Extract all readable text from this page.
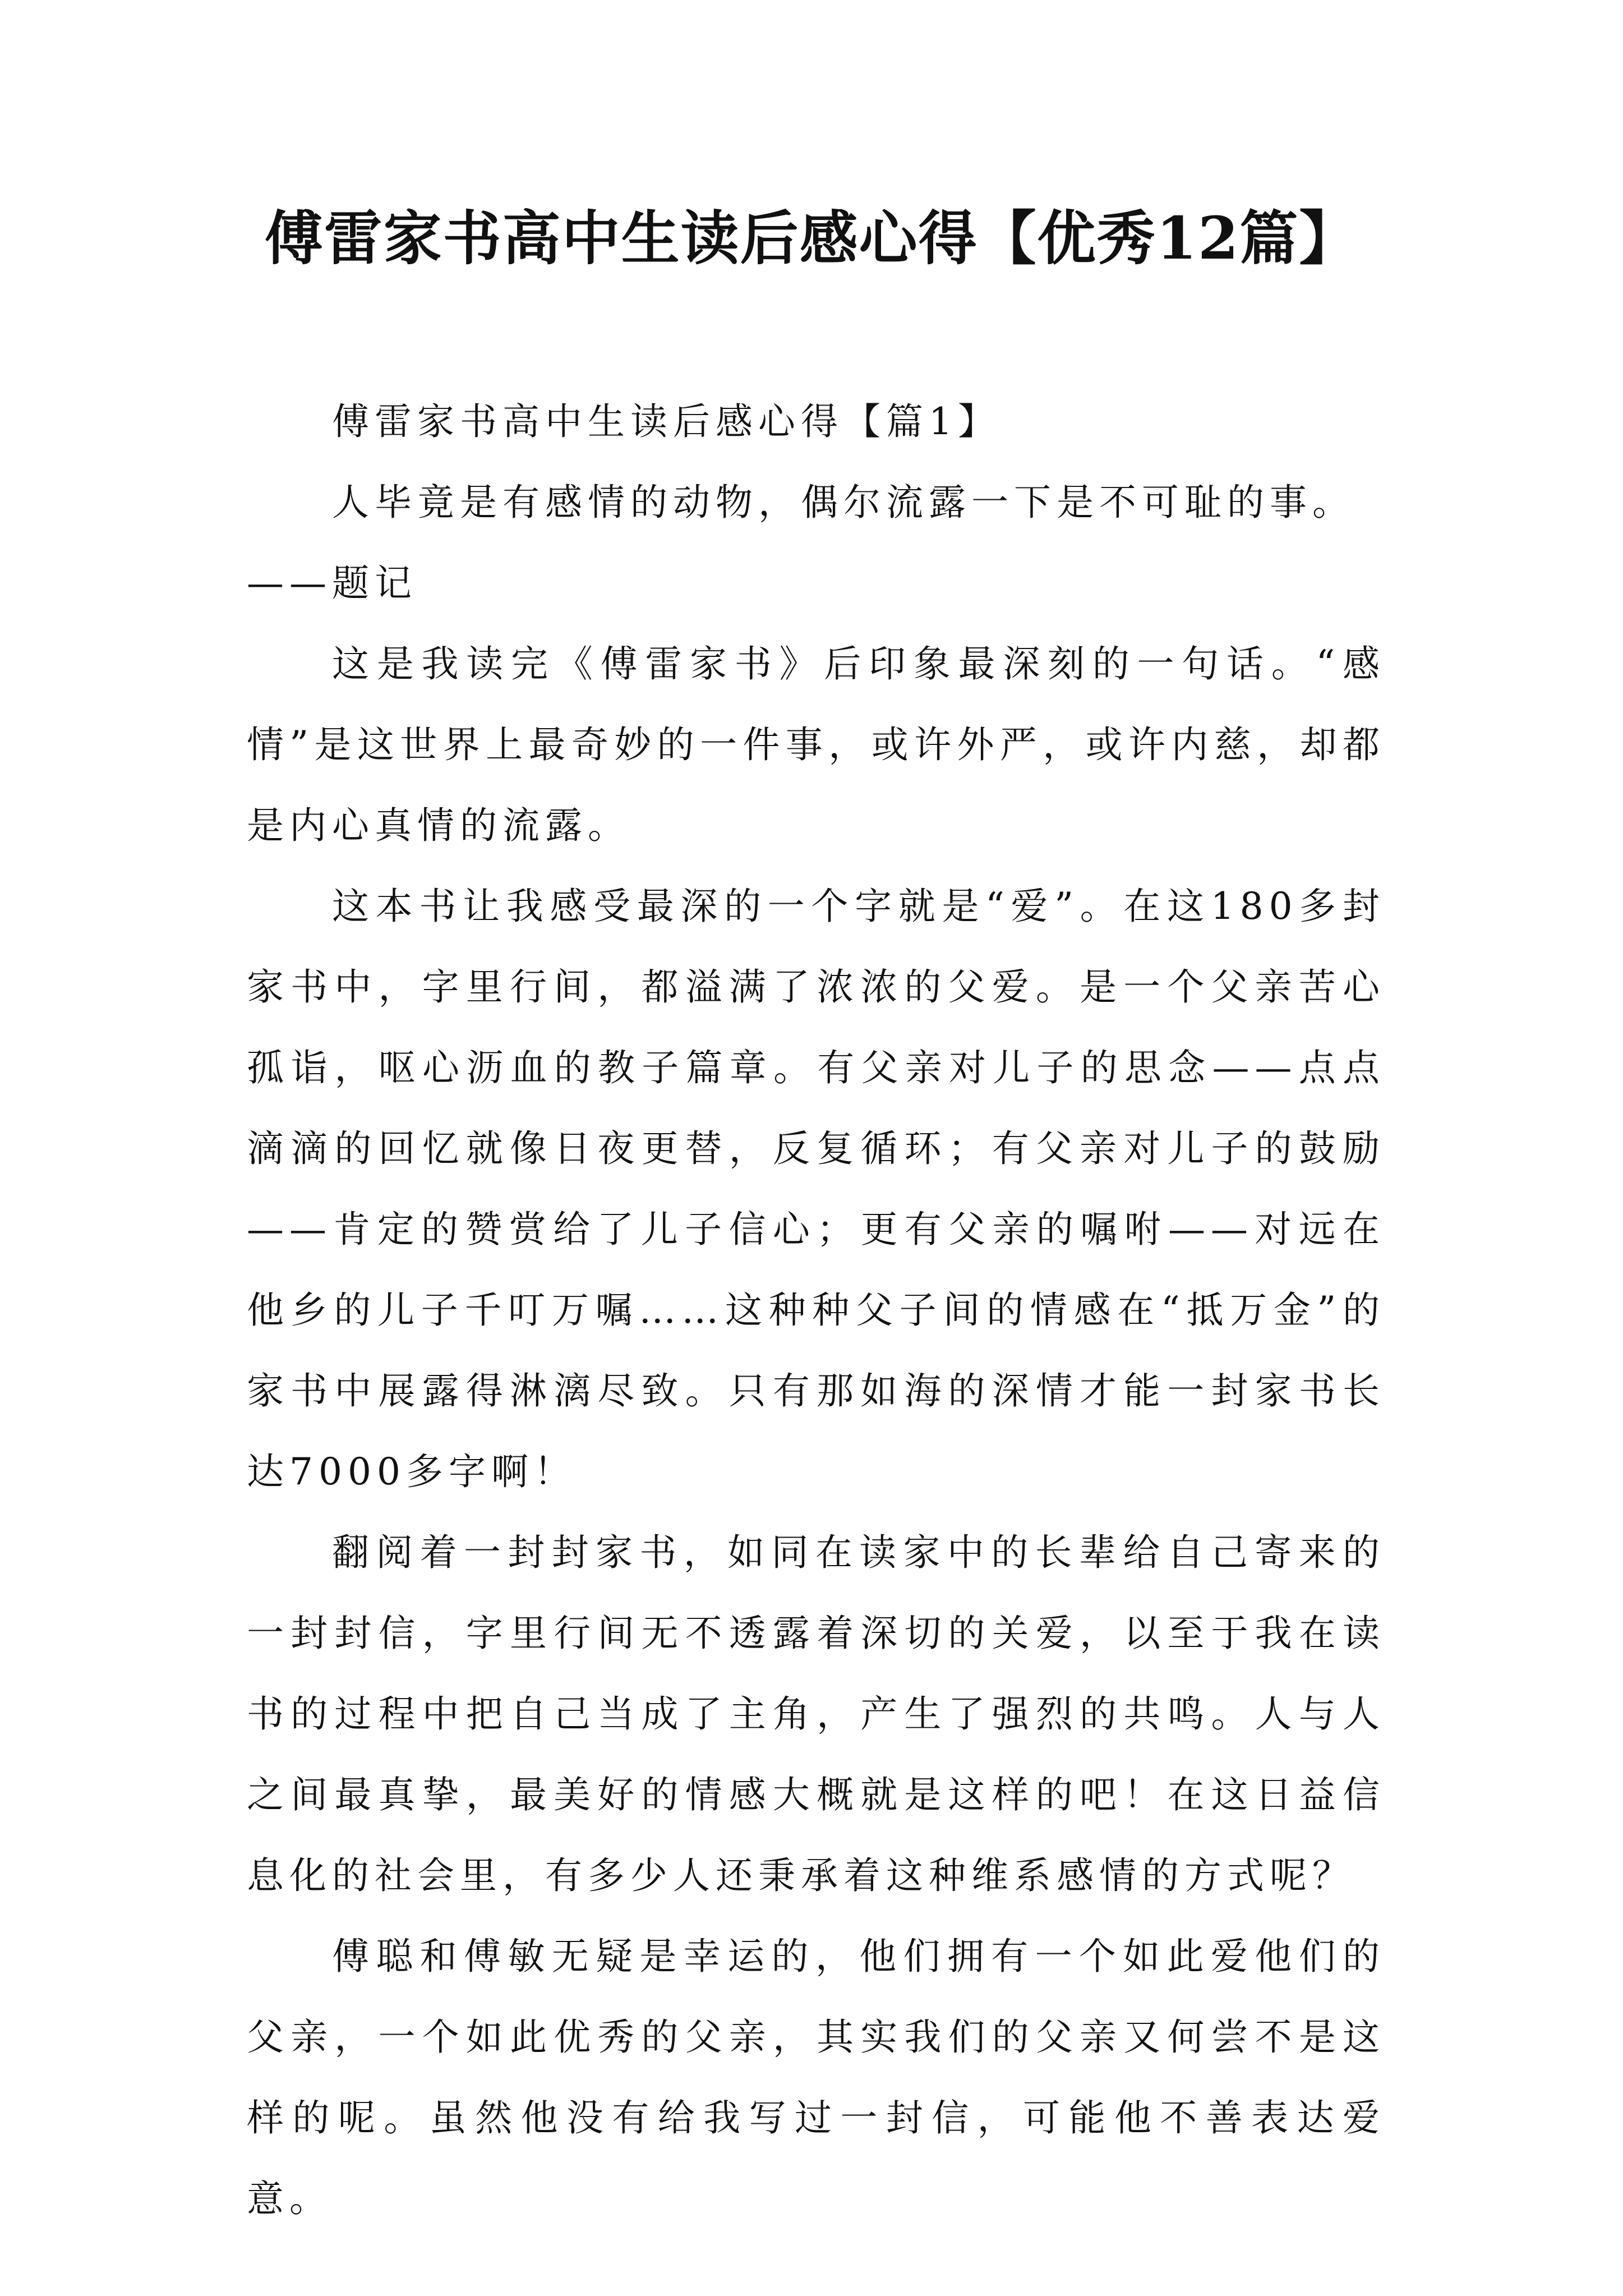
傅雷家书高中生读后感心得【优秀12篇】

傅雷家书高中生读后感心得【篇1】

人毕竟是有感情的动物，偶尔流露一下是不可耻的事。

——题记

这是我读完《傅雷家书》后印象最深刻的一句话。“感情”是这世界上最奇妙的一件事，或许外严，或许内慈，却都是内心真情的流露。

这本书让我感受最深的一个字就是“爱”。在这180多封家书中，字里行间，都溢满了浓浓的父爱。是一个父亲苦心孤诣，呕心沥血的教子篇章。有父亲对儿子的思念——点点滴滴的回忆就像日夜更替，反复循环；有父亲对儿子的鼓励——肯定的赞赏给了儿子信心；更有父亲的嘱咐——对远在他乡的儿子千叮万嘱……这种种父子间的情感在“抵万金”的家书中展露得淋漓尽致。只有那如海的深情才能一封家书长达7000多字啊！

翻阅着一封封家书，如同在读家中的长辈给自己寄来的一封封信，字里行间无不透露着深切的关爱，以至于我在读书的过程中把自己当成了主角，产生了强烈的共鸣。人与人之间最真挚，最美好的情感大概就是这样的吧！在这日益信息化的社会里，有多少人还秉承着这种维系感情的方式呢？

傅聪和傅敏无疑是幸运的，他们拥有一个如此爱他们的父亲，一个如此优秀的父亲，其实我们的父亲又何尝不是这样的呢。虽然他没有给我写过一封信，可能他不善表达爱意。
